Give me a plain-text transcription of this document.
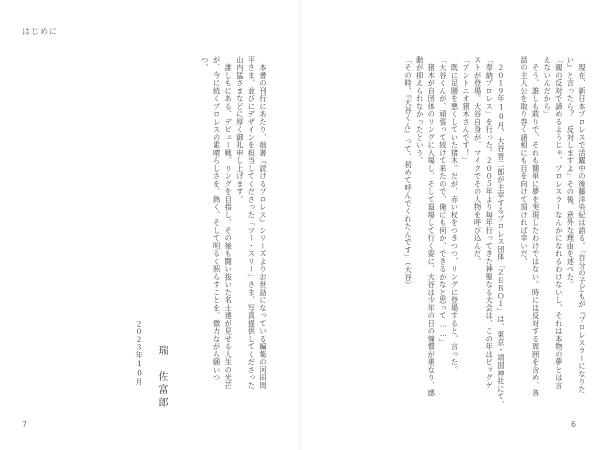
はじめに
　本書の刊行にあたり、拙著『読けるプロレス』シリーズよりお世話になっている編集の河田周
平さま、並びにデザインを担当してくださった「ツー・スリー」さま、写真提供してくださった
山内猛さまなどに厚く御礼申し上げます。
　誰しもにある、デビュー戦。リングを目指し、その後も闘い抜いた名士達が見せる人生の光芒
が、今に続くプロレスの素晴らしさを、熱く、そして明るく照らすことを。微力ながら願いつ
つ。

２０２３年10月

瑞　佐富郎

7
　現在、新日本プロレスで活躍中の後藤洋央紀は語る。「自分の子どもが『プロレスラーになりた
い』と言ったら？　反対しますよ」その後、意外な理由を述べた。
「親の反対で諦めるようじゃ、プロレスラーなんかになれるわけないし、それは本物の夢とは言
えないんだから」
　そう、誰しも敢りで、それも簡単に夢を実現したわけではない。時には反対する周囲を含め、各
話の主人公を取り巻く諸相にも目を向けて頂ければ幸いだ。

　２０１９年10月、大谷晋二郎が主宰するプロレス団体「ＺＥＲＯ１」は、東京・靖国神社にて、
「奉納プロレス」を行った。２００５年より毎年行ってきた神聖なる大会は、この年はビッグゲ
ストが登場。大谷自身が、マイクでその人物を呼び込んだ。
「アントニオ猪木さんです！」
　既に足腰を悪くしていた猪木。だが、赤い杖をつきつつ、リングに登場すると、言った。
「大谷くんが、頑張って続けて来たので、俺にも何か、できるかなと思って……」
　猪木が自団体のリングに入場し、そして退場して行く姿に、大谷は少年の日の憧憬が重なり、感
動が抑えられなかったという。
「その時、『大谷くん』って、初めて呼んでくれたんです」（大谷）
6
